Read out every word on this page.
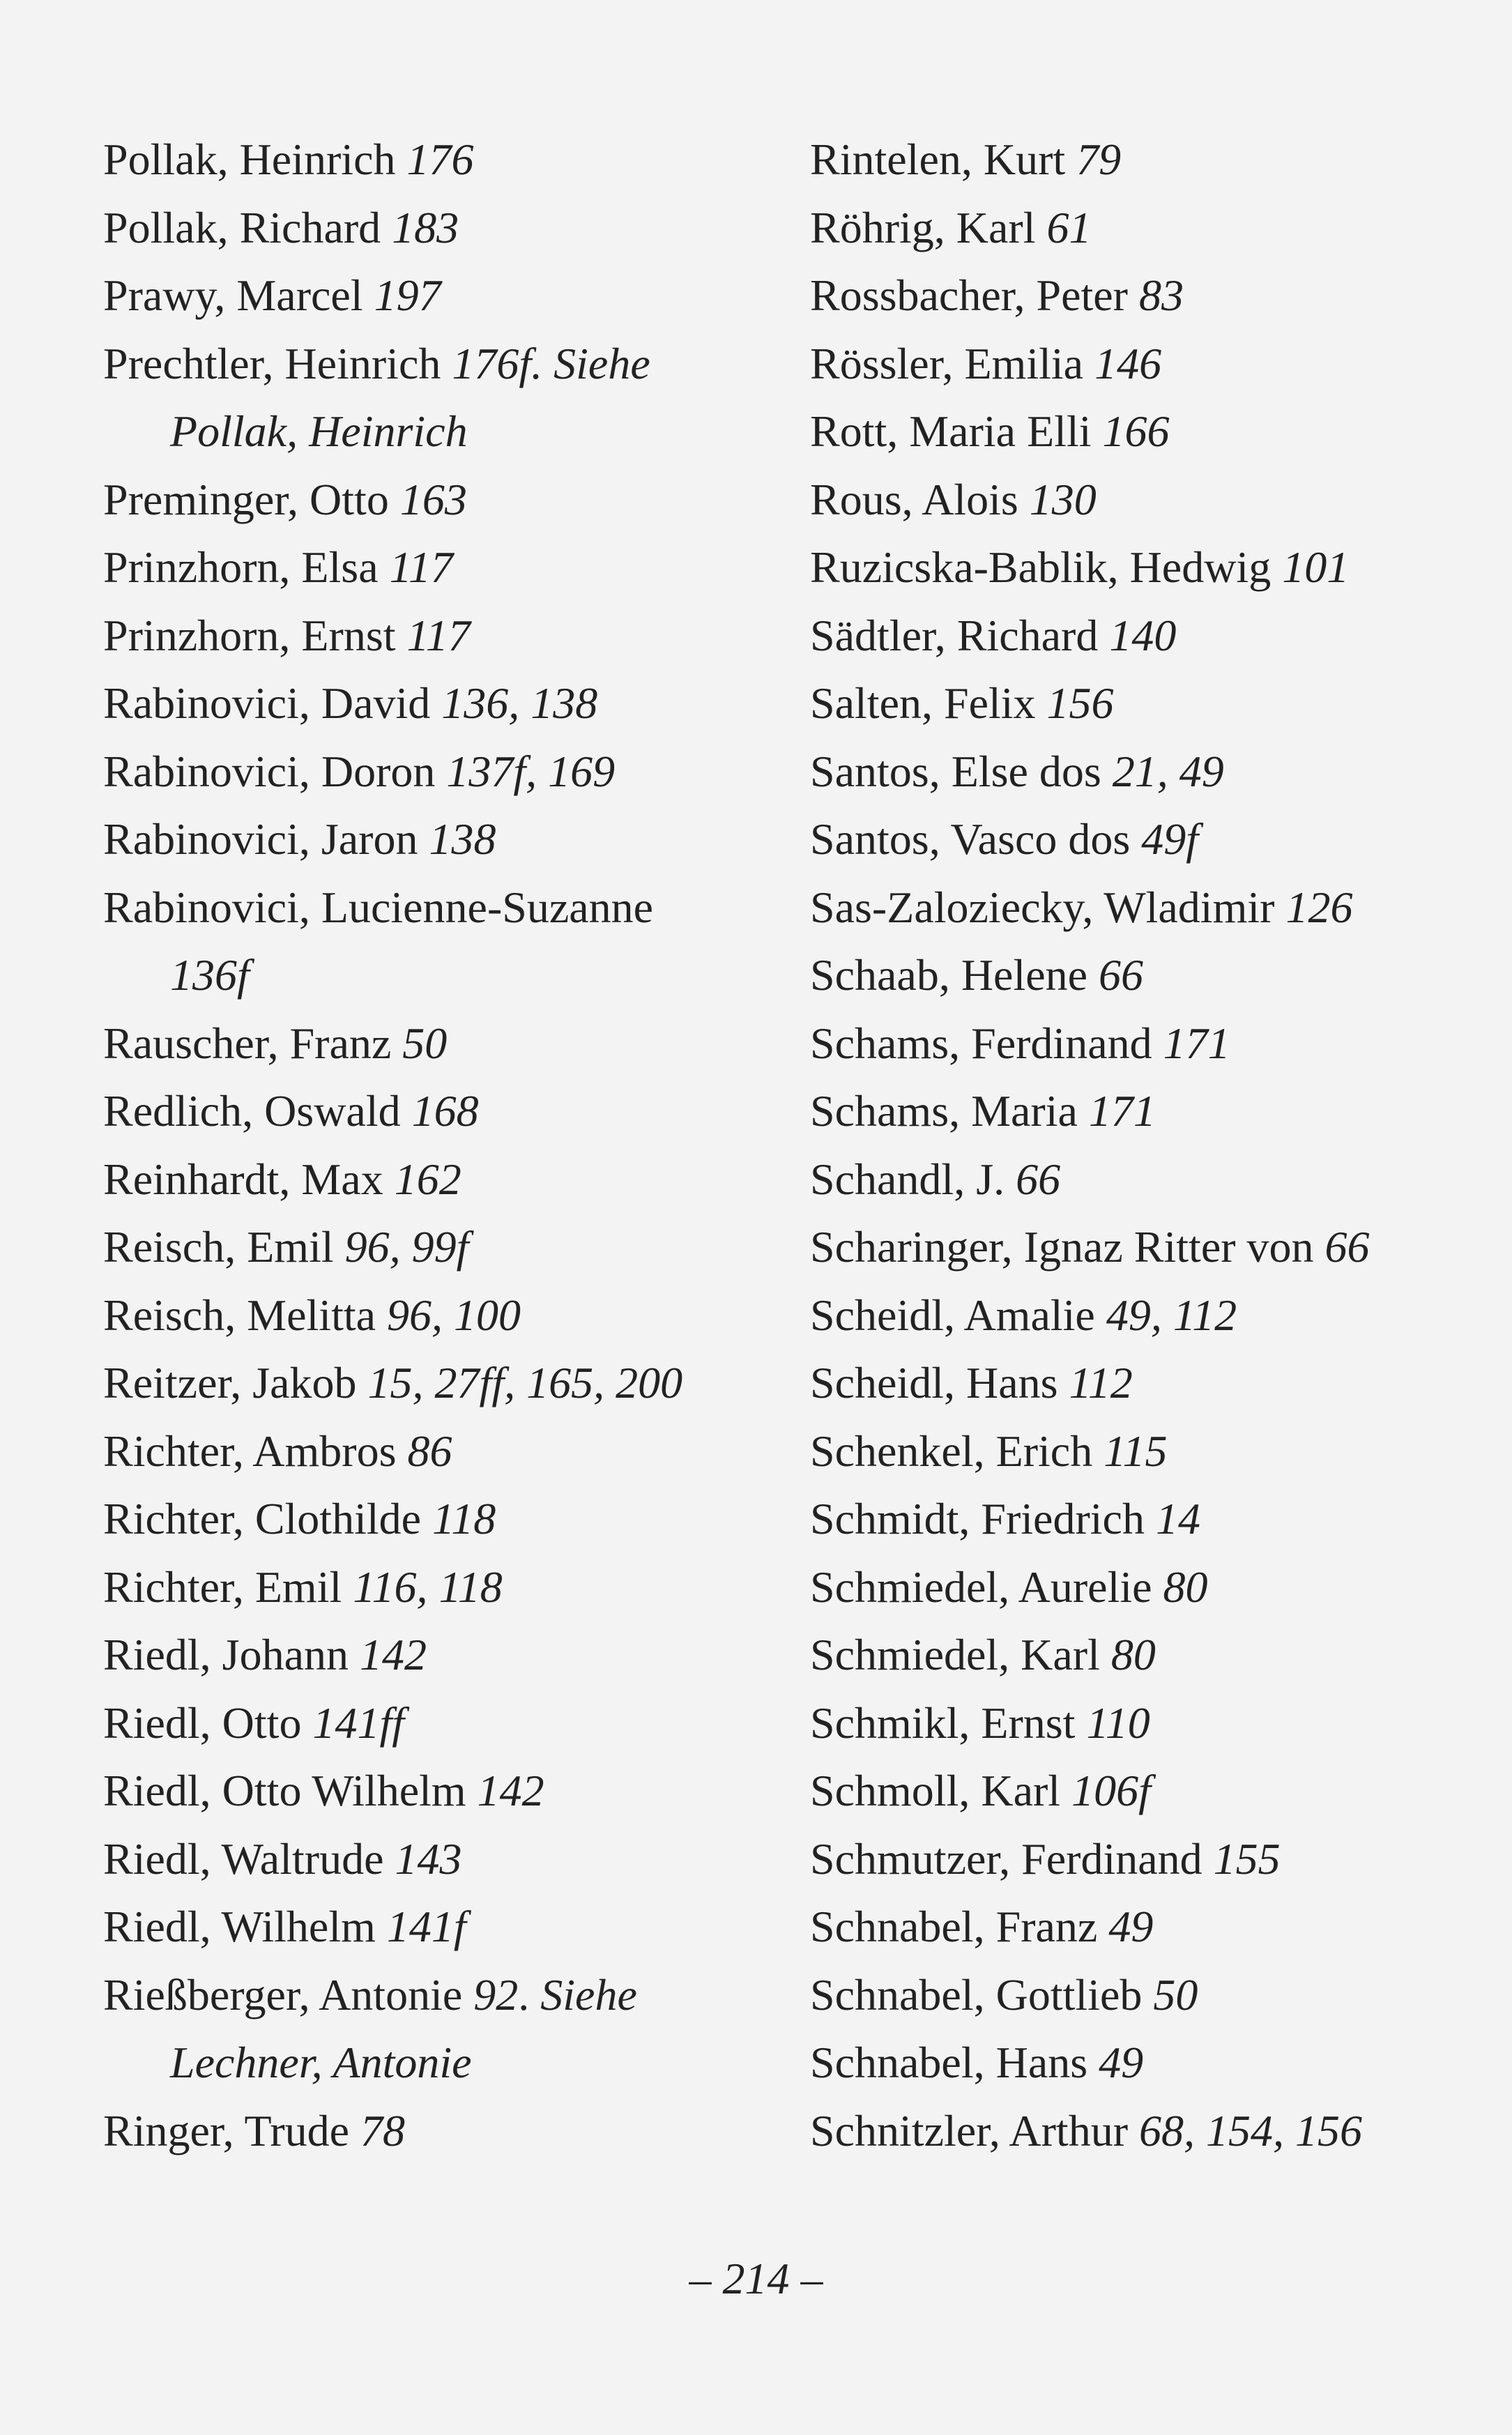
Pollak, Heinrich 176
Pollak, Richard 183
Prawy, Marcel 197
Prechtler, Heinrich 176f. Siehe
Pollak, Heinrich
Preminger, Otto 163
Prinzhorn, Elsa 117
Prinzhorn, Ernst 117
Rabinovici, David 136, 138
Rabinovici, Doron 137f, 169
Rabinovici, Jaron 138
Rabinovici, Lucienne-Suzanne
136f
Rauscher, Franz 50
Redlich, Oswald 168
Reinhardt, Max 162
Reisch, Emil 96, 99f
Reisch, Melitta 96, 100
Reitzer, Jakob 15, 27ff, 165, 200
Richter, Ambros 86
Richter, Clothilde 118
Richter, Emil 116, 118
Riedl, Johann 142
Riedl, Otto 141ff
Riedl, Otto Wilhelm 142
Riedl, Waltrude 143
Riedl, Wilhelm 141f
Rießberger, Antonie 92. Siehe
Lechner, Antonie
Ringer, Trude 78
Rintelen, Kurt 79
Röhrig, Karl 61
Rossbacher, Peter 83
Rössler, Emilia 146
Rott, Maria Elli 166
Rous, Alois 130
Ruzicska-Bablik, Hedwig 101
Sädtler, Richard 140
Salten, Felix 156
Santos, Else dos 21, 49
Santos, Vasco dos 49f
Sas-Zaloziecky, Wladimir 126
Schaab, Helene 66
Schams, Ferdinand 171
Schams, Maria 171
Schandl, J. 66
Scharinger, Ignaz Ritter von 66
Scheidl, Amalie 49, 112
Scheidl, Hans 112
Schenkel, Erich 115
Schmidt, Friedrich 14
Schmiedel, Aurelie 80
Schmiedel, Karl 80
Schmikl, Ernst 110
Schmoll, Karl 106f
Schmutzer, Ferdinand 155
Schnabel, Franz 49
Schnabel, Gottlieb 50
Schnabel, Hans 49
Schnitzler, Arthur 68, 154, 156
– 214 –
